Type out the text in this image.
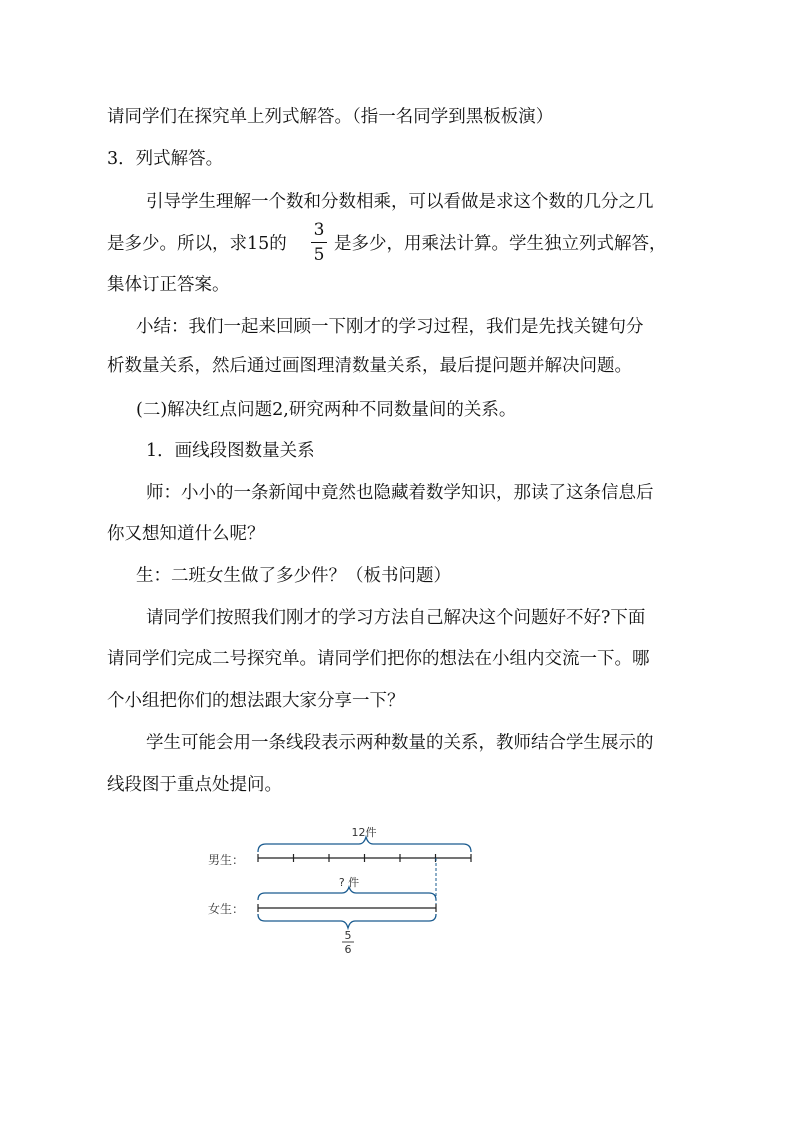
请同学们在探究单上列式解答。（指一名同学到黑板板演）
3．列式解答。
引导学生理解一个数和分数相乘，可以看做是求这个数的几分之几
是多少。所以，求15的
3
5
是多少，用乘法计算。学生独立列式解答，
集体订正答案。
小结：我们一起来回顾一下刚才的学习过程，我们是先找关键句分
析数量关系，然后通过画图理清数量关系，最后提问题并解决问题。
(二)解决红点问题2,研究两种不同数量间的关系。
1．画线段图数量关系
师：小小的一条新闻中竟然也隐藏着数学知识，那读了这条信息后
你又想知道什么呢？
生：二班女生做了多少件？（板书问题）
请同学们按照我们刚才的学习方法自己解决这个问题好不好?下面
请同学们完成二号探究单。请同学们把你的想法在小组内交流一下。哪
个小组把你们的想法跟大家分享一下？
学生可能会用一条线段表示两种数量的关系，教师结合学生展示的
线段图于重点处提问。
男生：
女生：
12件
? 件
5
6
